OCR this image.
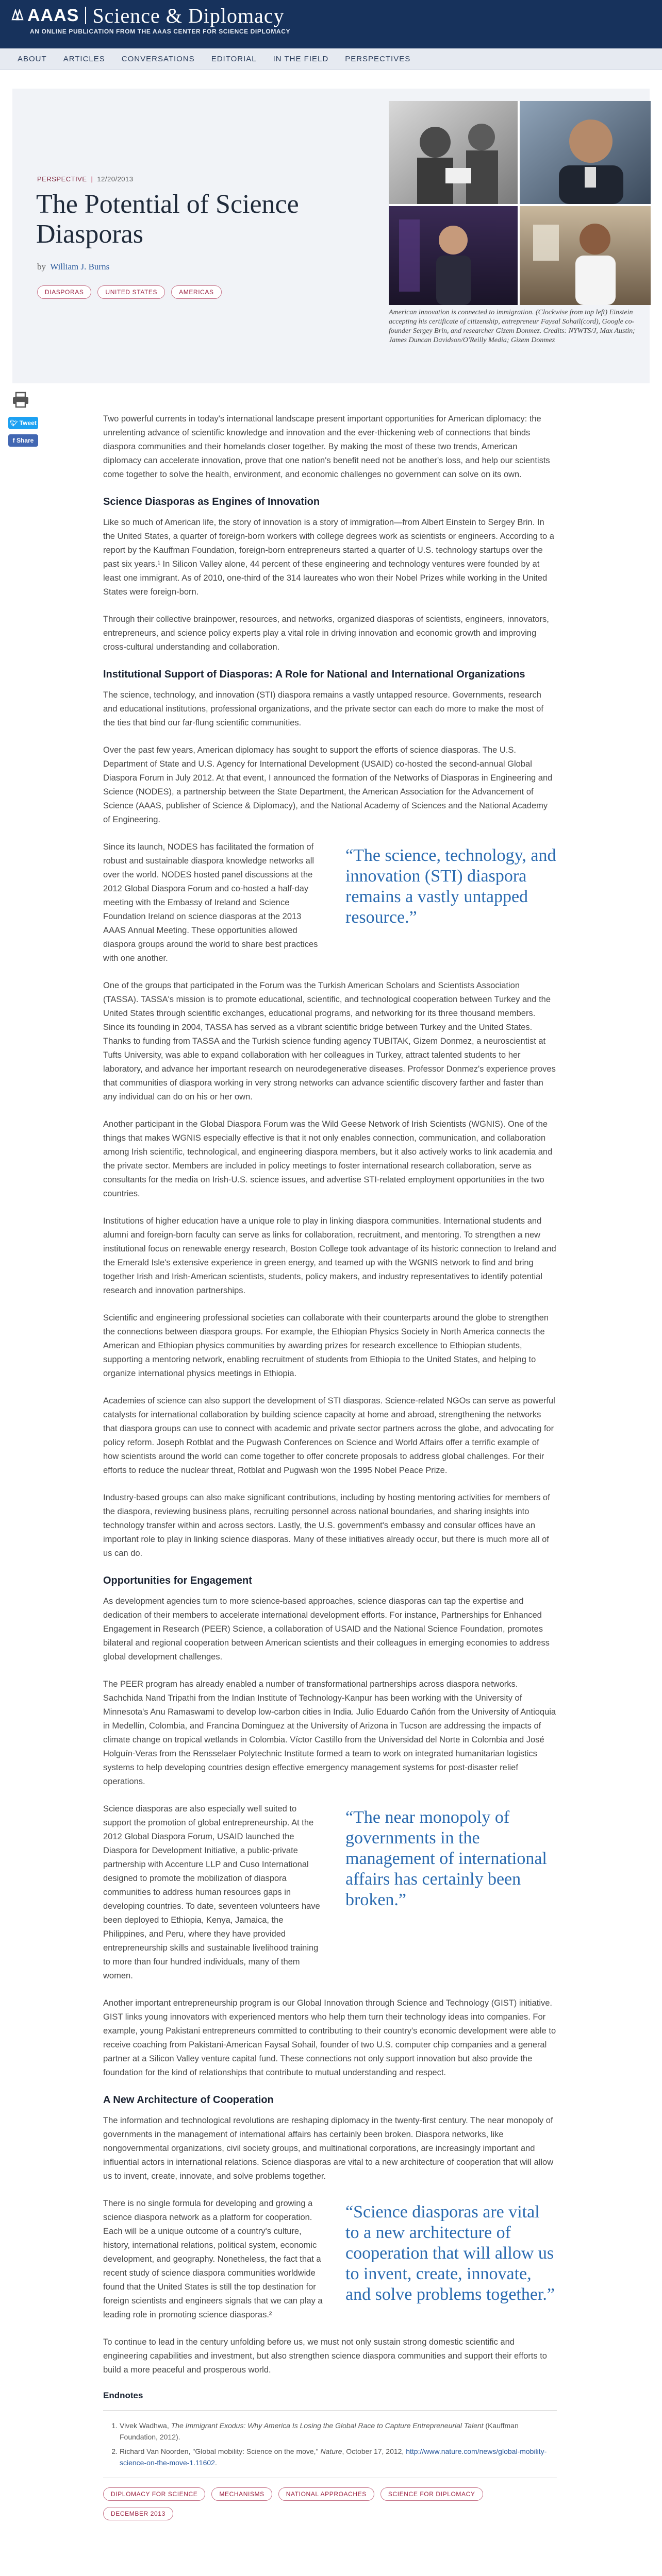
AAAS Science & Diplomacy
AN ONLINE PUBLICATION FROM THE AAAS CENTER FOR SCIENCE DIPLOMACY
ABOUT	ARTICLES	CONVERSATIONS	EDITORIAL	IN THE FIELD	PERSPECTIVES
PERSPECTIVE | 12/20/2013
The Potential of Science Diasporas
by William J. Burns
DIASPORAS	UNITED STATES	AMERICAS
American innovation is connected to immigration. (Clockwise from top left) Einstein accepting his certificate of citizenship, entrepreneur Faysal Sohail(cord), Google co-founder Sergey Brin, and researcher Gizem Donmez. Credits: NYWTS/J, Max Austin; James Duncan Davidson/O'Reilly Media; Gizem Donmez
🐦︎
Tweet
f
Share

Two powerful currents in today's international landscape present important opportunities for American diplomacy: the unrelenting advance of scientific knowledge and innovation and the ever-thickening web of connections that binds diaspora communities and their homelands closer together. By making the most of these two trends, American diplomacy can accelerate innovation, prove that one nation's benefit need not be another's loss, and help our scientists come together to solve the health, environment, and economic challenges no government can solve on its own.

Science Diasporas as Engines of Innovation

Like so much of American life, the story of innovation is a story of immigration—from Albert Einstein to Sergey Brin. In the United States, a quarter of foreign-born workers with college degrees work as scientists or engineers. According to a report by the Kauffman Foundation, foreign-born entrepreneurs started a quarter of U.S. technology startups over the past six years.¹ In Silicon Valley alone, 44 percent of these engineering and technology ventures were founded by at least one immigrant. As of 2010, one-third of the 314 laureates who won their Nobel Prizes while working in the United States were foreign-born.

Through their collective brainpower, resources, and networks, organized diasporas of scientists, engineers, innovators, entrepreneurs, and science policy experts play a vital role in driving innovation and economic growth and improving cross-cultural understanding and collaboration.

Institutional Support of Diasporas: A Role for National and International Organizations

The science, technology, and innovation (STI) diaspora remains a vastly untapped resource. Governments, research and educational institutions, professional organizations, and the private sector can each do more to make the most of the ties that bind our far-flung scientific communities.

Over the past few years, American diplomacy has sought to support the efforts of science diasporas. The U.S. Department of State and U.S. Agency for International Development (USAID) co-hosted the second-annual Global Diaspora Forum in July 2012. At that event, I announced the formation of the Networks of Diasporas in Engineering and Science (NODES), a partnership between the State Department, the American Association for the Advancement of Science (AAAS, publisher of Science & Diplomacy), and the National Academy of Sciences and the National Academy of Engineering.

Since its launch, NODES has facilitated the formation of robust and sustainable diaspora knowledge networks all over the world. NODES hosted panel discussions at the 2012 Global Diaspora Forum and co-hosted a half-day meeting with the Embassy of Ireland and Science Foundation Ireland on science diasporas at the 2013 AAAS Annual Meeting. These opportunities allowed diaspora groups around the world to share best practices with one another.

“The science, technology, and innovation (STI) diaspora remains a vastly untapped resource.”

One of the groups that participated in the Forum was the Turkish American Scholars and Scientists Association (TASSA). TASSA's mission is to promote educational, scientific, and technological cooperation between Turkey and the United States through scientific exchanges, educational programs, and networking for its three thousand members. Since its founding in 2004, TASSA has served as a vibrant scientific bridge between Turkey and the United States. Thanks to funding from TASSA and the Turkish science funding agency TUBITAK, Gizem Donmez, a neuroscientist at Tufts University, was able to expand collaboration with her colleagues in Turkey, attract talented students to her laboratory, and advance her important research on neurodegenerative diseases. Professor Donmez's experience proves that communities of diaspora working in very strong networks can advance scientific discovery farther and faster than any individual can do on his or her own.

Another participant in the Global Diaspora Forum was the Wild Geese Network of Irish Scientists (WGNIS). One of the things that makes WGNIS especially effective is that it not only enables connection, communication, and collaboration among Irish scientific, technological, and engineering diaspora members, but it also actively works to link academia and the private sector. Members are included in policy meetings to foster international research collaboration, serve as consultants for the media on Irish-U.S. science issues, and advertise STI-related employment opportunities in the two countries.

Institutions of higher education have a unique role to play in linking diaspora communities. International students and alumni and foreign-born faculty can serve as links for collaboration, recruitment, and mentoring. To strengthen a new institutional focus on renewable energy research, Boston College took advantage of its historic connection to Ireland and the Emerald Isle's extensive experience in green energy, and teamed up with the WGNIS network to find and bring together Irish and Irish-American scientists, students, policy makers, and industry representatives to identify potential research and innovation partnerships.

Scientific and engineering professional societies can collaborate with their counterparts around the globe to strengthen the connections between diaspora groups. For example, the Ethiopian Physics Society in North America connects the American and Ethiopian physics communities by awarding prizes for research excellence to Ethiopian students, supporting a mentoring network, enabling recruitment of students from Ethiopia to the United States, and helping to organize international physics meetings in Ethiopia.

Academies of science can also support the development of STI diasporas. Science-related NGOs can serve as powerful catalysts for international collaboration by building science capacity at home and abroad, strengthening the networks that diaspora groups can use to connect with academic and private sector partners across the globe, and advocating for policy reform. Joseph Rotblat and the Pugwash Conferences on Science and World Affairs offer a terrific example of how scientists around the world can come together to offer concrete proposals to address global challenges. For their efforts to reduce the nuclear threat, Rotblat and Pugwash won the 1995 Nobel Peace Prize.

Industry-based groups can also make significant contributions, including by hosting mentoring activities for members of the diaspora, reviewing business plans, recruiting personnel across national boundaries, and sharing insights into technology transfer within and across sectors. Lastly, the U.S. government's embassy and consular offices have an important role to play in linking science diasporas. Many of these initiatives already occur, but there is much more all of us can do.

Opportunities for Engagement

As development agencies turn to more science-based approaches, science diasporas can tap the expertise and dedication of their members to accelerate international development efforts. For instance, Partnerships for Enhanced Engagement in Research (PEER) Science, a collaboration of USAID and the National Science Foundation, promotes bilateral and regional cooperation between American scientists and their colleagues in emerging economies to address global development challenges.

The PEER program has already enabled a number of transformational partnerships across diaspora networks. Sachchida Nand Tripathi from the Indian Institute of Technology-Kanpur has been working with the University of Minnesota's Anu Ramaswami to develop low-carbon cities in India. Julio Eduardo Cañón from the University of Antioquia in Medellín, Colombia, and Francina Dominguez at the University of Arizona in Tucson are addressing the impacts of climate change on tropical wetlands in Colombia. Víctor Castillo from the Universidad del Norte in Colombia and José Holguín-Veras from the Rensselaer Polytechnic Institute formed a team to work on integrated humanitarian logistics systems to help developing countries design effective emergency management systems for post-disaster relief operations.

Science diasporas are also especially well suited to support the promotion of global entrepreneurship. At the 2012 Global Diaspora Forum, USAID launched the Diaspora for Development Initiative, a public-private partnership with Accenture LLP and Cuso International designed to promote the mobilization of diaspora communities to address human resources gaps in developing countries. To date, seventeen volunteers have been deployed to Ethiopia, Kenya, Jamaica, the Philippines, and Peru, where they have provided entrepreneurship skills and sustainable livelihood training to more than four hundred individuals, many of them women.

“The near monopoly of governments in the management of international affairs has certainly been broken.”

Another important entrepreneurship program is our Global Innovation through Science and Technology (GIST) initiative. GIST links young innovators with experienced mentors who help them turn their technology ideas into companies. For example, young Pakistani entrepreneurs committed to contributing to their country's economic development were able to receive coaching from Pakistani-American Faysal Sohail, founder of two U.S. computer chip companies and a general partner at a Silicon Valley venture capital fund. These connections not only support innovation but also provide the foundation for the kind of relationships that contribute to mutual understanding and respect.

A New Architecture of Cooperation

The information and technological revolutions are reshaping diplomacy in the twenty-first century. The near monopoly of governments in the management of international affairs has certainly been broken. Diaspora networks, like nongovernmental organizations, civil society groups, and multinational corporations, are increasingly important and influential actors in international relations. Science diasporas are vital to a new architecture of cooperation that will allow us to invent, create, innovate, and solve problems together.

There is no single formula for developing and growing a science diaspora network as a platform for cooperation. Each will be a unique outcome of a country's culture, history, international relations, political system, economic development, and geography. Nonetheless, the fact that a recent study of science diaspora communities worldwide found that the United States is still the top destination for foreign scientists and engineers signals that we can play a leading role in promoting science diasporas.²

“Science diasporas are vital to a new architecture of cooperation that will allow us to invent, create, innovate, and solve problems together.”

To continue to lead in the century unfolding before us, we must not only sustain strong domestic scientific and engineering capabilities and investment, but also strengthen science diaspora communities and support their efforts to build a more peaceful and prosperous world.

Endnotes
1. Vivek Wadhwa, The Immigrant Exodus: Why America Is Losing the Global Race to Capture Entrepreneurial Talent (Kauffman Foundation, 2012).
2. Richard Van Noorden, "Global mobility: Science on the move," Nature, October 17, 2012, http://www.nature.com/news/global-mobility-science-on-the-move-1.11602.
DIPLOMACY FOR SCIENCE	MECHANISMS	NATIONAL APPROACHES	SCIENCE FOR DIPLOMACY
DECEMBER 2013
